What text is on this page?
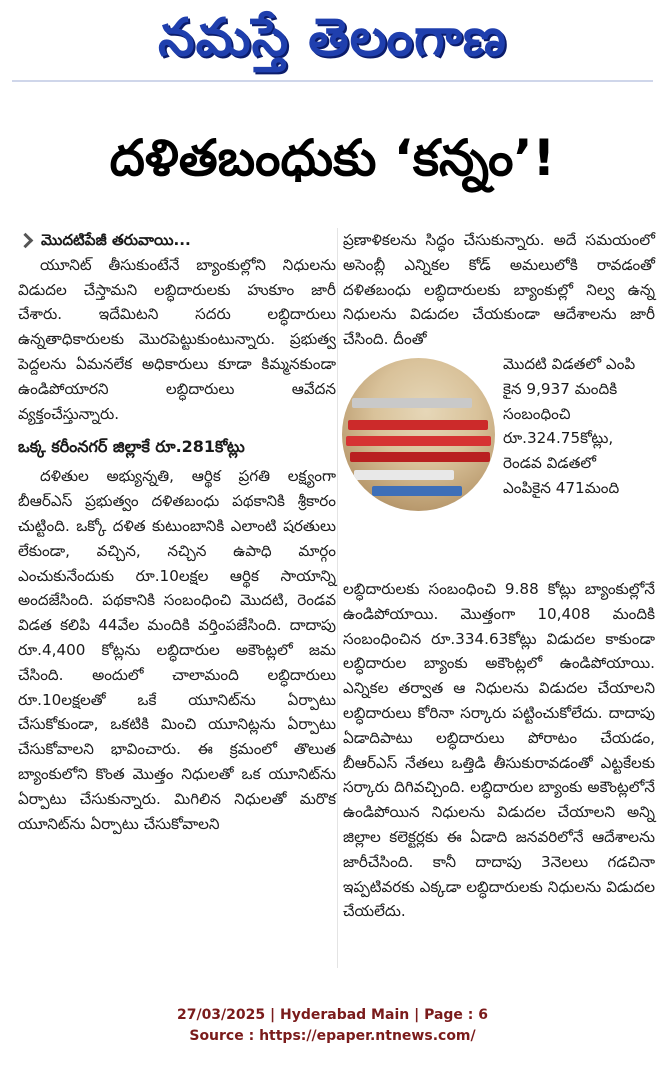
నమస్తే తెలంగాణ
దళితబంధుకు ‘కన్నం’!
మొదటిపేజీ తరువాయి...

యూనిట్‌ తీసుకుంటేనే బ్యాంకుల్లోని నిధులను విడుదల చేస్తామని లబ్ధిదారులకు హుకూం జారీ చేశారు. ఇదేమిటని సదరు లబ్ధిదారులు ఉన్నతాధికారులకు మొరపెట్టుకుంటున్నారు. ప్రభుత్వ పెద్దలను ఏమనలేక అధికారులు కూడా కిమ్మనకుండా ఉండిపోయారని లబ్ధిదారులు ఆవేదన వ్యక్తంచేస్తున్నారు.

ఒక్క కరీంనగర్‌ జిల్లాకే రూ.281కోట్లు

దళితుల అభ్యున్నతి, ఆర్థిక ప్రగతి లక్ష్యంగా బీఆర్‌ఎస్‌ ప్రభుత్వం దళితబంధు పథకానికి శ్రీకారం చుట్టింది. ఒక్కో దళిత కుటుంబానికి ఎలాంటి షరతులు లేకుండా, వచ్చిన, నచ్చిన ఉపాధి మార్గం ఎంచుకునేందుకు రూ.10లక్షల ఆర్థిక సాయాన్ని అందజేసింది. పథకానికి సంబంధించి మొదటి, రెండవ విడత కలిపి 44వేల మందికి వర్తింపజేసింది. దాదాపు రూ.4,400 కోట్లను లబ్ధిదారుల అకౌంట్లలో జమ చేసింది. అందులో చాలామంది లబ్ధిదారులు రూ.10లక్షలతో ఒకే యూనిట్‌ను ఏర్పాటు చేసుకోకుండా, ఒకటికి మించి యూనిట్లను ఏర్పాటు చేసుకోవాలని భావించారు. ఈ క్రమంలో తొలుత బ్యాంకులోని కొంత మొత్తం నిధులతో ఒక యూనిట్‌ను ఏర్పాటు చేసుకున్నారు. మిగిలిన నిధులతో మరొక యూనిట్‌ను ఏర్పాటు చేసుకోవాలని

ప్రణాళికలను సిద్ధం చేసుకున్నారు. అదే సమయంలో అసెంబ్లీ ఎన్నికల కోడ్‌ అమలులోకి రావడంతో దళితబంధు లబ్ధిదారులకు బ్యాంకుల్లో నిల్వ ఉన్న నిధులను విడుదల చేయకుండా ఆదేశాలను జారీ చేసింది. దీంతో

మొదటి విడతలో ఎంపి
కైన 9,937 మందికి
సంబంధించి
రూ.324.75కోట్లు,
రెండవ విడతలో
ఎంపికైన 471మంది

లబ్ధిదారులకు సంబంధించి 9.88 కోట్లు బ్యాంకుల్లోనే ఉండిపోయాయి. మొత్తంగా 10,408 మందికి సంబంధించిన రూ.334.63కోట్లు విడుదల కాకుండా లబ్ధిదారుల బ్యాంకు అకౌంట్లలో ఉండిపోయాయి. ఎన్నికల తర్వాత ఆ నిధులను విడుదల చేయాలని లబ్ధిదారులు కోరినా సర్కారు పట్టించుకోలేదు. దాదాపు ఏడాదిపాటు లబ్ధిదారులు పోరాటం చేయడం, బీఆర్‌ఎస్‌ నేతలు ఒత్తిడి తీసుకురావడంతో ఎట్టకేలకు సర్కారు దిగివచ్చింది. లబ్ధిదారుల బ్యాంకు అకౌంట్లలోనే ఉండిపోయిన నిధులను విడుదల చేయాలని అన్ని జిల్లాల కలెక్టర్లకు ఈ ఏడాది జనవరిలోనే ఆదేశాలను జారీచేసింది. కానీ దాదాపు 3నెలలు గడచినా ఇప్పటివరకు ఎక్కడా లబ్ధిదారులకు నిధులను విడుదల చేయలేదు.

27/03/2025 | Hyderabad Main | Page : 6
Source : https://epaper.ntnews.com/
